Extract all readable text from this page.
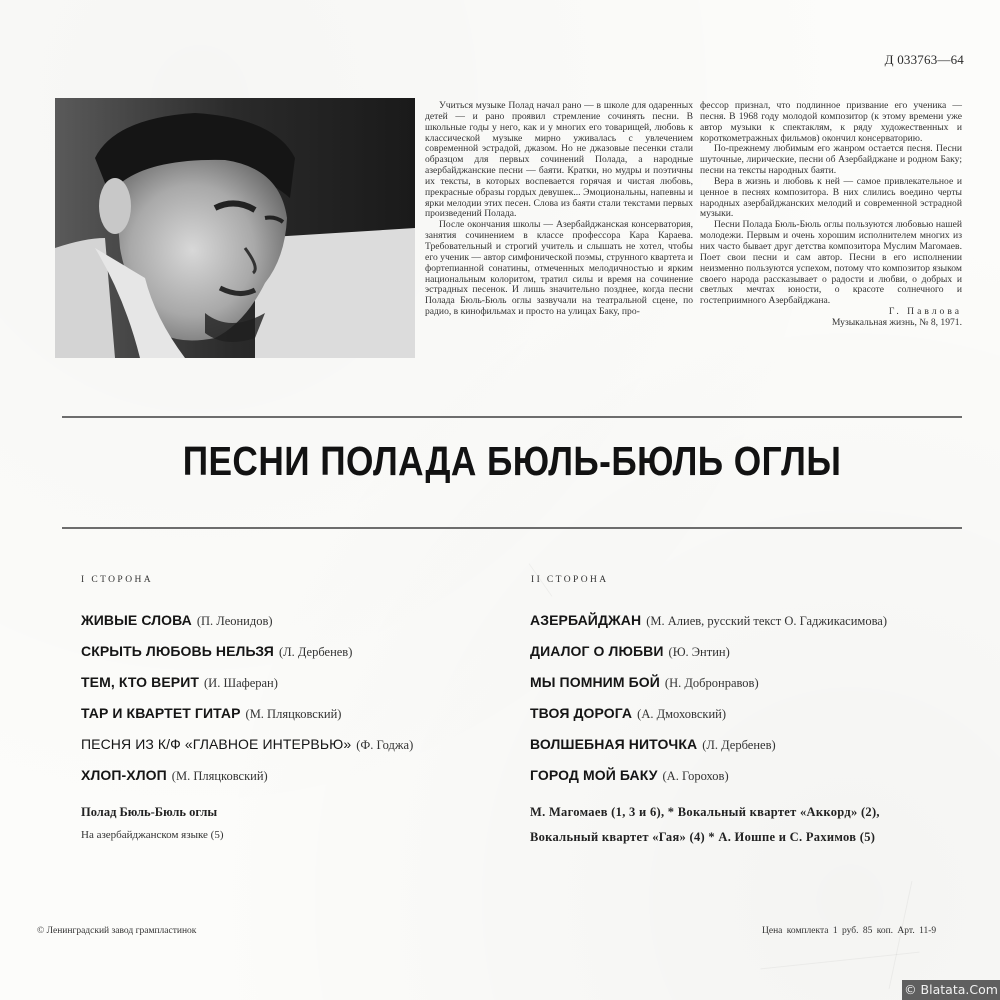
Д 033763—64

Учиться музыке Полад начал рано — в школе для одаренных детей — и рано проявил стремление сочинять песни. В школьные годы у него, как и у многих его товарищей, любовь к классической музыке мирно уживалась с увлечением современной эстрадой, джазом. Но не джазовые песенки стали образцом для первых сочинений Полада, а народные азербайджанские песни — баяти. Кратки, но мудры и поэтичны их тексты, в которых воспевается горячая и чистая любовь, прекрасные образы гордых девушек... Эмоциональны, напевны и ярки мелодии этих песен. Слова из баяти стали текстами первых произведений Полада.

После окончания школы — Азербайджанская консерватория, занятия сочинением в классе профессора Кара Караева. Требовательный и строгий учитель и слышать не хотел, чтобы его ученик — автор симфонической поэмы, струнного квартета и фортепианной сонатины, отмеченных мелодичностью и ярким национальным колоритом, тратил силы и время на сочинение эстрадных песенок. И лишь значительно позднее, когда песни Полада Бюль-Бюль оглы зазвучали на театральной сцене, по радио, в кинофильмах и просто на улицах Баку, про-

фессор признал, что подлинное призвание его ученика — песня. В 1968 году молодой композитор (к этому времени уже автор музыки к спектаклям, к ряду художественных и короткометражных фильмов) окончил консерваторию.

По-прежнему любимым его жанром остается песня. Песни шуточные, лирические, песни об Азербайджане и родном Баку; песни на тексты народных баяти.

Вера в жизнь и любовь к ней — самое привлекательное и ценное в песнях композитора. В них слились воедино черты народных азербайджанских мелодий и современной эстрадной музыки.

Песни Полада Бюль-Бюль оглы пользуются любовью нашей молодежи. Первым и очень хорошим исполнителем многих из них часто бывает друг детства композитора Муслим Магомаев. Поет свои песни и сам автор. Песни в его исполнении неизменно пользуются успехом, потому что композитор языком своего народа рассказывает о радости и любви, о добрых и светлых мечтах юности, о красоте солнечного и гостеприимного Азербайджана.

Г. Павлова

Музыкальная жизнь, № 8, 1971.

ПЕСНИ ПОЛАДА БЮЛЬ-БЮЛЬ ОГЛЫ
I СТОРОНА
ЖИВЫЕ СЛОВА (П. Леонидов)
СКРЫТЬ ЛЮБОВЬ НЕЛЬЗЯ (Л. Дербенев)
ТЕМ, КТО ВЕРИТ (И. Шаферан)
ТАР И КВАРТЕТ ГИТАР (М. Пляцковский)
ПЕСНЯ ИЗ К/Ф «ГЛАВНОЕ ИНТЕРВЬЮ» (Ф. Годжа)
ХЛОП-ХЛОП (М. Пляцковский)
Полад Бюль-Бюль оглы
На азербайджанском языке (5)
II СТОРОНА
АЗЕРБАЙДЖАН (М. Алиев, русский текст О. Гаджикасимова)
ДИАЛОГ О ЛЮБВИ (Ю. Энтин)
МЫ ПОМНИМ БОЙ (Н. Добронравов)
ТВОЯ ДОРОГА (А. Дмоховский)
ВОЛШЕБНАЯ НИТОЧКА (Л. Дербенев)
ГОРОД МОЙ БАКУ (А. Горохов)
М. Магомаев (1, 3 и 6), * Вокальный квартет «Аккорд» (2),
Вокальный квартет «Гая» (4) * А. Иошпе и С. Рахимов (5)
© Ленинградский завод грампластинок	Цена комплекта 1 руб. 85 коп. Арт. 11-9
© Blatata.Com
